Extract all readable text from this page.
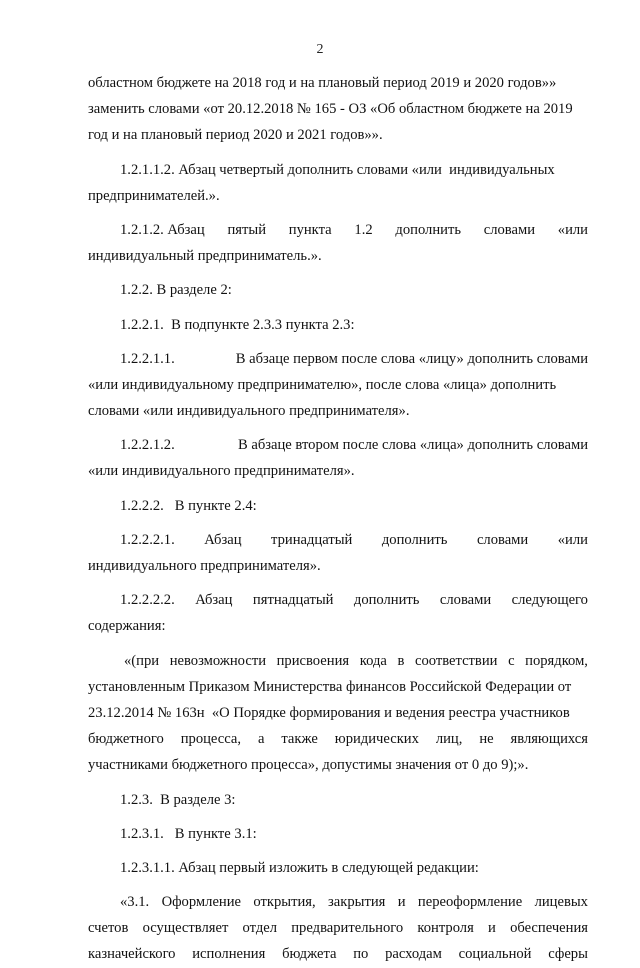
2
областном бюджете на 2018 год и на плановый период 2019 и 2020 годов»»
заменить словами «от 20.12.2018 № 165 - ОЗ «Об областном бюджете на 2019
год и на плановый период 2020 и 2021 годов»».
1.2.1.1.2. Абзац четвертый дополнить словами «или  индивидуальных
предпринимателей.».
1.2.1.2. Абзац пятый пункта 1.2 дополнить словами «или
индивидуальный предприниматель.».
1.2.2. В разделе 2:
1.2.2.1.  В подпункте 2.3.3 пункта 2.3:
1.2.2.1.1.	В абзаце первом после слова «лицу» дополнить словами
«или индивидуальному предпринимателю», после слова «лица» дополнить
словами «или индивидуального предпринимателя».
1.2.2.1.2.	В абзаце втором после слова «лица» дополнить словами
«или индивидуального предпринимателя».
1.2.2.2.   В пункте 2.4:
1.2.2.2.1. Абзац тринадцатый дополнить словами «или
индивидуального предпринимателя».
1.2.2.2.2. Абзац пятнадцатый дополнить словами следующего
содержания:
«(при невозможности присвоения кода в соответствии с порядком,
установленным Приказом Министерства финансов Российской Федерации от
23.12.2014 № 163н  «О Порядке формирования и ведения реестра участников
бюджетного процесса, а также юридических лиц, не являющихся
участниками бюджетного процесса», допустимы значения от 0 до 9);».
1.2.3.  В разделе 3:
1.2.3.1.   В пункте 3.1:
1.2.3.1.1. Абзац первый изложить в следующей редакции:
«3.1. Оформление открытия, закрытия и переоформление лицевых
счетов осуществляет отдел предварительного контроля и обеспечения
казначейского исполнения бюджета по расходам социальной сферы
